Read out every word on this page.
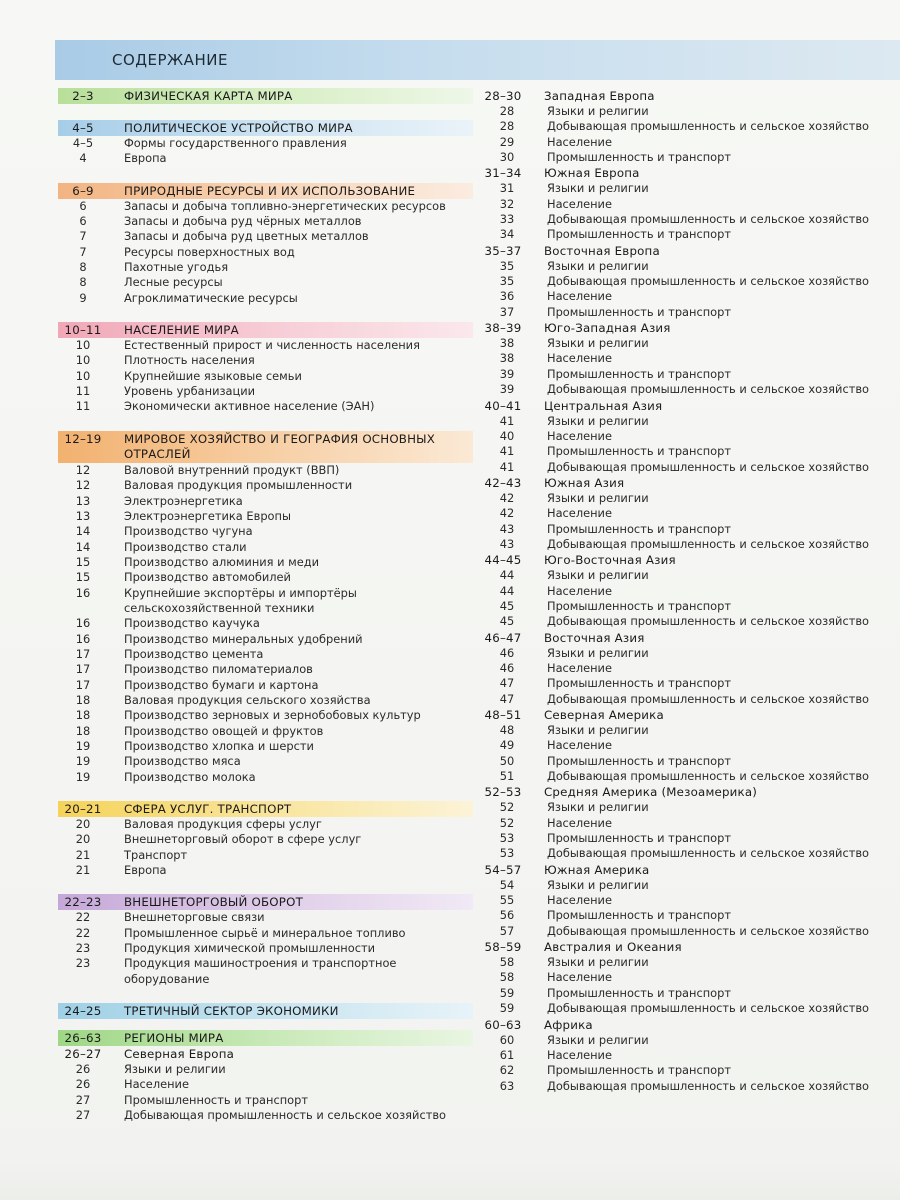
СОДЕРЖАНИЕ
2–3	ФИЗИЧЕСКАЯ КАРТА МИРА
4–5	ПОЛИТИЧЕСКОЕ УСТРОЙСТВО МИРА
4–5	Формы государственного правления
4	Европа
6–9	ПРИРОДНЫЕ РЕСУРСЫ И ИХ ИСПОЛЬЗОВАНИЕ
6	Запасы и добыча топливно-энергетических ресурсов
6	Запасы и добыча руд чёрных металлов
7	Запасы и добыча руд цветных металлов
7	Ресурсы поверхностных вод
8	Пахотные угодья
8	Лесные ресурсы
9	Агроклиматические ресурсы
10–11	НАСЕЛЕНИЕ МИРА
10	Естественный прирост и численность населения
10	Плотность населения
10	Крупнейшие языковые семьи
11	Уровень урбанизации
11	Экономически активное население (ЭАН)
12–19	МИРОВОЕ ХОЗЯЙСТВО И ГЕОГРАФИЯ ОСНОВНЫХ ОТРАСЛЕЙ
12	Валовой внутренний продукт (ВВП)
12	Валовая продукция промышленности
13	Электроэнергетика
13	Электроэнергетика Европы
14	Производство чугуна
14	Производство стали
15	Производство алюминия и меди
15	Производство автомобилей
16	Крупнейшие экспортёры и импортёры сельскохозяйственной техники
16	Производство каучука
16	Производство минеральных удобрений
17	Производство цемента
17	Производство пиломатериалов
17	Производство бумаги и картона
18	Валовая продукция сельского хозяйства
18	Производство зерновых и зернобобовых культур
18	Производство овощей и фруктов
19	Производство хлопка и шерсти
19	Производство мяса
19	Производство молока
20–21	СФЕРА УСЛУГ. ТРАНСПОРТ
20	Валовая продукция сферы услуг
20	Внешнеторговый оборот в сфере услуг
21	Транспорт
21	Европа
22–23	ВНЕШНЕТОРГОВЫЙ ОБОРОТ
22	Внешнеторговые связи
22	Промышленное сырьё и минеральное топливо
23	Продукция химической промышленности
23	Продукция машиностроения и транспортное оборудование
24–25	ТРЕТИЧНЫЙ СЕКТОР ЭКОНОМИКИ
26–63	РЕГИОНЫ МИРА
26–27	Северная Европа
26	Языки и религии
26	Население
27	Промышленность и транспорт
27	Добывающая промышленность и сельское хозяйство
28–30	Западная Европа
28	Языки и религии
28	Добывающая промышленность и сельское хозяйство
29	Население
30	Промышленность и транспорт
31–34	Южная Европа
31	Языки и религии
32	Население
33	Добывающая промышленность и сельское хозяйство
34	Промышленность и транспорт
35–37	Восточная Европа
35	Языки и религии
35	Добывающая промышленность и сельское хозяйство
36	Население
37	Промышленность и транспорт
38–39	Юго-Западная Азия
38	Языки и религии
38	Население
39	Промышленность и транспорт
39	Добывающая промышленность и сельское хозяйство
40–41	Центральная Азия
41	Языки и религии
40	Население
41	Промышленность и транспорт
41	Добывающая промышленность и сельское хозяйство
42–43	Южная Азия
42	Языки и религии
42	Население
43	Промышленность и транспорт
43	Добывающая промышленность и сельское хозяйство
44–45	Юго-Восточная Азия
44	Языки и религии
44	Население
45	Промышленность и транспорт
45	Добывающая промышленность и сельское хозяйство
46–47	Восточная Азия
46	Языки и религии
46	Население
47	Промышленность и транспорт
47	Добывающая промышленность и сельское хозяйство
48–51	Северная Америка
48	Языки и религии
49	Население
50	Промышленность и транспорт
51	Добывающая промышленность и сельское хозяйство
52–53	Средняя Америка (Мезоамерика)
52	Языки и религии
52	Население
53	Промышленность и транспорт
53	Добывающая промышленность и сельское хозяйство
54–57	Южная Америка
54	Языки и религии
55	Население
56	Промышленность и транспорт
57	Добывающая промышленность и сельское хозяйство
58–59	Австралия и Океания
58	Языки и религии
58	Население
59	Промышленность и транспорт
59	Добывающая промышленность и сельское хозяйство
60–63	Африка
60	Языки и религии
61	Население
62	Промышленность и транспорт
63	Добывающая промышленность и сельское хозяйство
